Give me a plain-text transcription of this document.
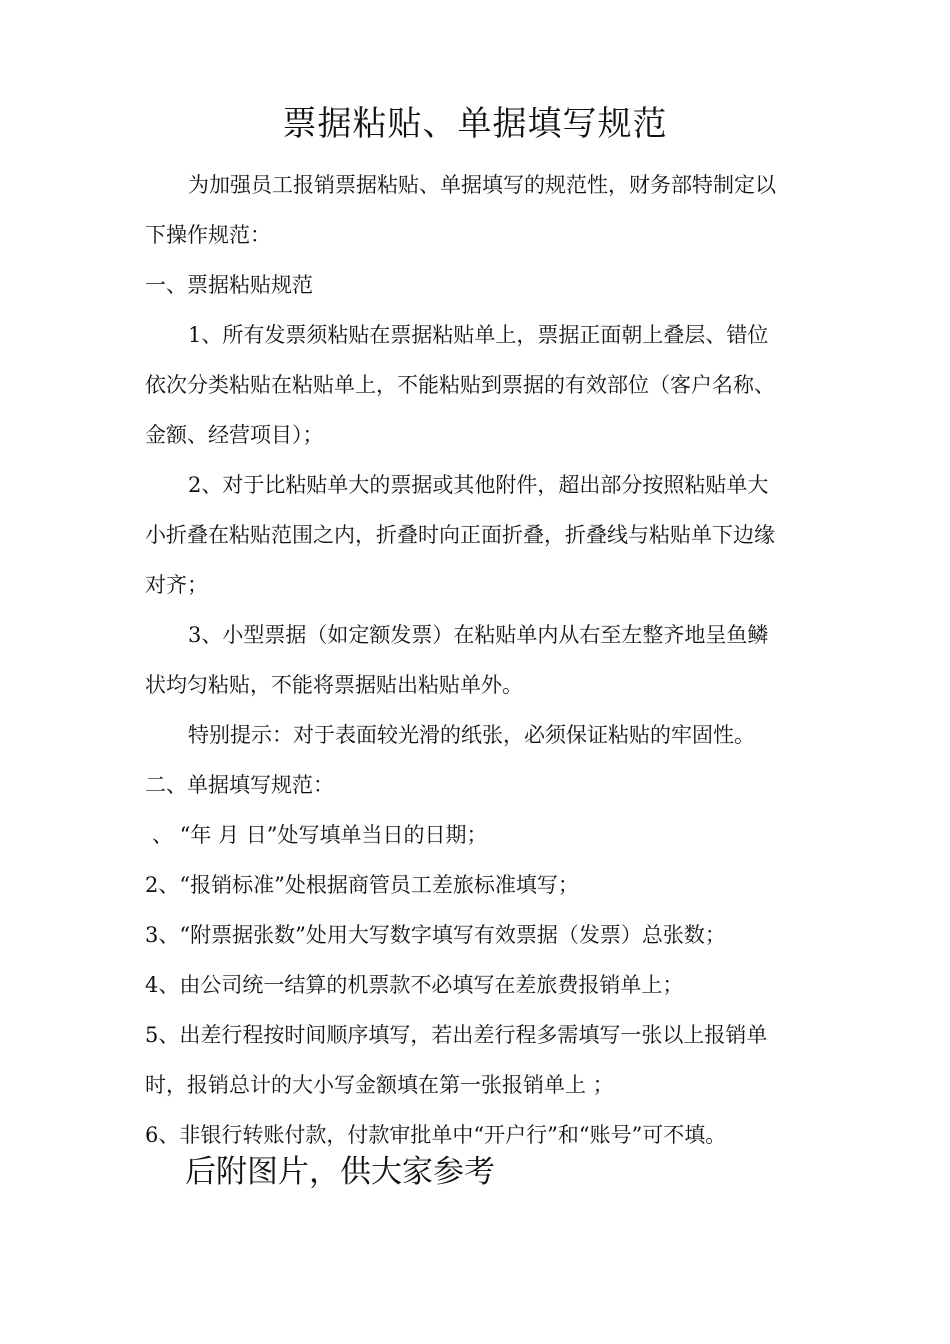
票据粘贴、单据填写规范
为加强员工报销票据粘贴、单据填写的规范性，财务部特制定以
下操作规范：
一、票据粘贴规范
1、所有发票须粘贴在票据粘贴单上，票据正面朝上叠层、错位
依次分类粘贴在粘贴单上，不能粘贴到票据的有效部位（客户名称、
金额、经营项目）；
2、对于比粘贴单大的票据或其他附件，超出部分按照粘贴单大
小折叠在粘贴范围之内，折叠时向正面折叠，折叠线与粘贴单下边缘
对齐；
3、小型票据（如定额发票）在粘贴单内从右至左整齐地呈鱼鳞
状均匀粘贴，不能将票据贴出粘贴单外。
特别提示：对于表面较光滑的纸张，必须保证粘贴的牢固性。
二、单据填写规范：
、 “年 月 日”处写填单当日的日期；
2、“报销标准”处根据商管员工差旅标准填写；
3、“附票据张数”处用大写数字填写有效票据（发票）总张数；
4、由公司统一结算的机票款不必填写在差旅费报销单上；
5、出差行程按时间顺序填写，若出差行程多需填写一张以上报销单
时，报销总计的大小写金额填在第一张报销单上 ；
6、非银行转账付款，付款审批单中“开户行”和“账号”可不填。
后附图片，供大家参考
